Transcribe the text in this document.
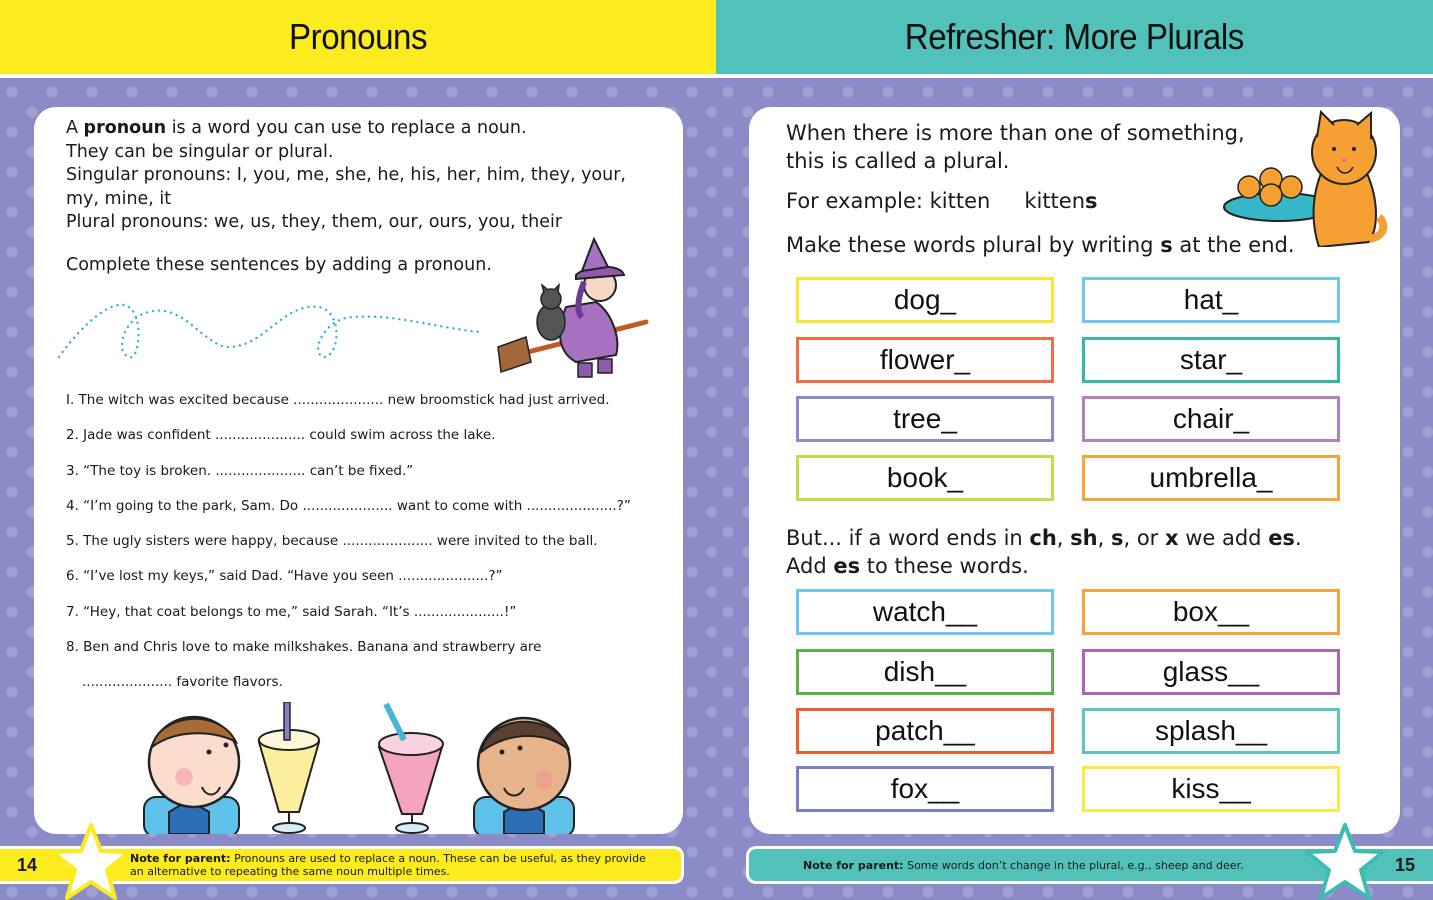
Pronouns
A pronoun is a word you can use to replace a noun.
They can be singular or plural.
Singular pronouns: I, you, me, she, he, his, her, him, they, your, my, mine, it
Plural pronouns: we, us, they, them, our, ours, you, their
Complete these sentences by adding a pronoun.
I. The witch was excited because ..................... new broomstick had just arrived.
2. Jade was confident ..................... could swim across the lake.
3. “The toy is broken. ..................... can’t be fixed.”
4. “I’m going to the park, Sam. Do ..................... want to come with .....................?”
5. The ugly sisters were happy, because ..................... were invited to the ball.
6. “I’ve lost my keys,” said Dad. “Have you seen .....................?”
7. “Hey, that coat belongs to me,” said Sarah. “It’s .....................!”
8. Ben and Chris love to make milkshakes. Banana and strawberry are
..................... favorite flavors.
14	Note for parent: Pronouns are used to replace a noun. These can be useful, as they provide an alternative to repeating the same noun multiple times.
Refresher: More Plurals
When there is more than one of something,
this is called a plural.
For example: kitten kittens
Make these words plural by writing s at the end.
dog_	hat_
flower_	star_
tree_	chair_
book_	umbrella_
But... if a word ends in ch, sh, s, or x we add es.
Add es to these words.
watch__	box__
dish__	glass__
patch__	splash__
fox__	kiss__
Note for parent: Some words don’t change in the plural, e.g., sheep and deer.	15
